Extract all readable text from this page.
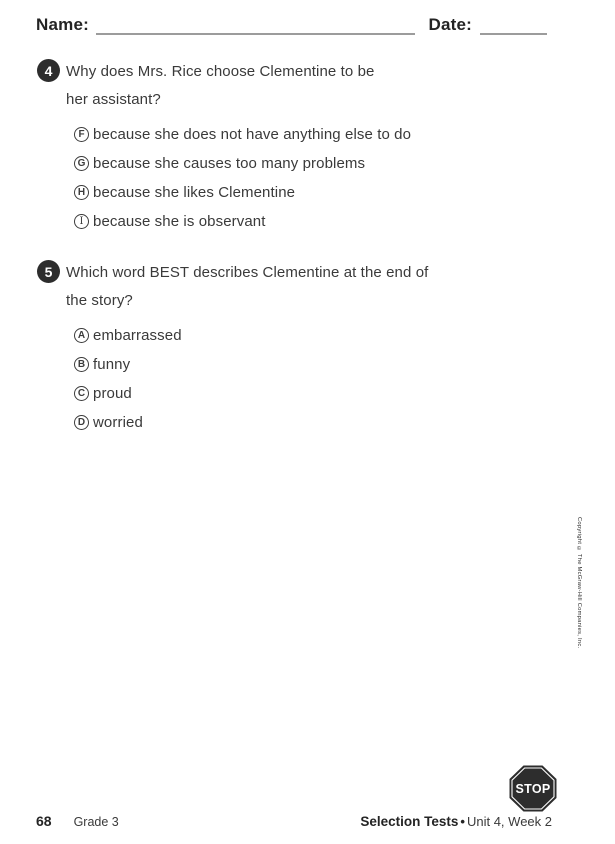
Name:	Date:
4 Why does Mrs. Rice choose Clementine to be
her assistant?
F because she does not have anything else to do
G because she causes too many problems
H because she likes Clementine
I because she is observant
5 Which word BEST describes Clementine at the end of
the story?
A embarrassed
B funny
C proud
D worried
Copyright © The McGraw-Hill Companies, Inc.
STOP
68 Grade 3	Selection Tests • Unit 4, Week 2
